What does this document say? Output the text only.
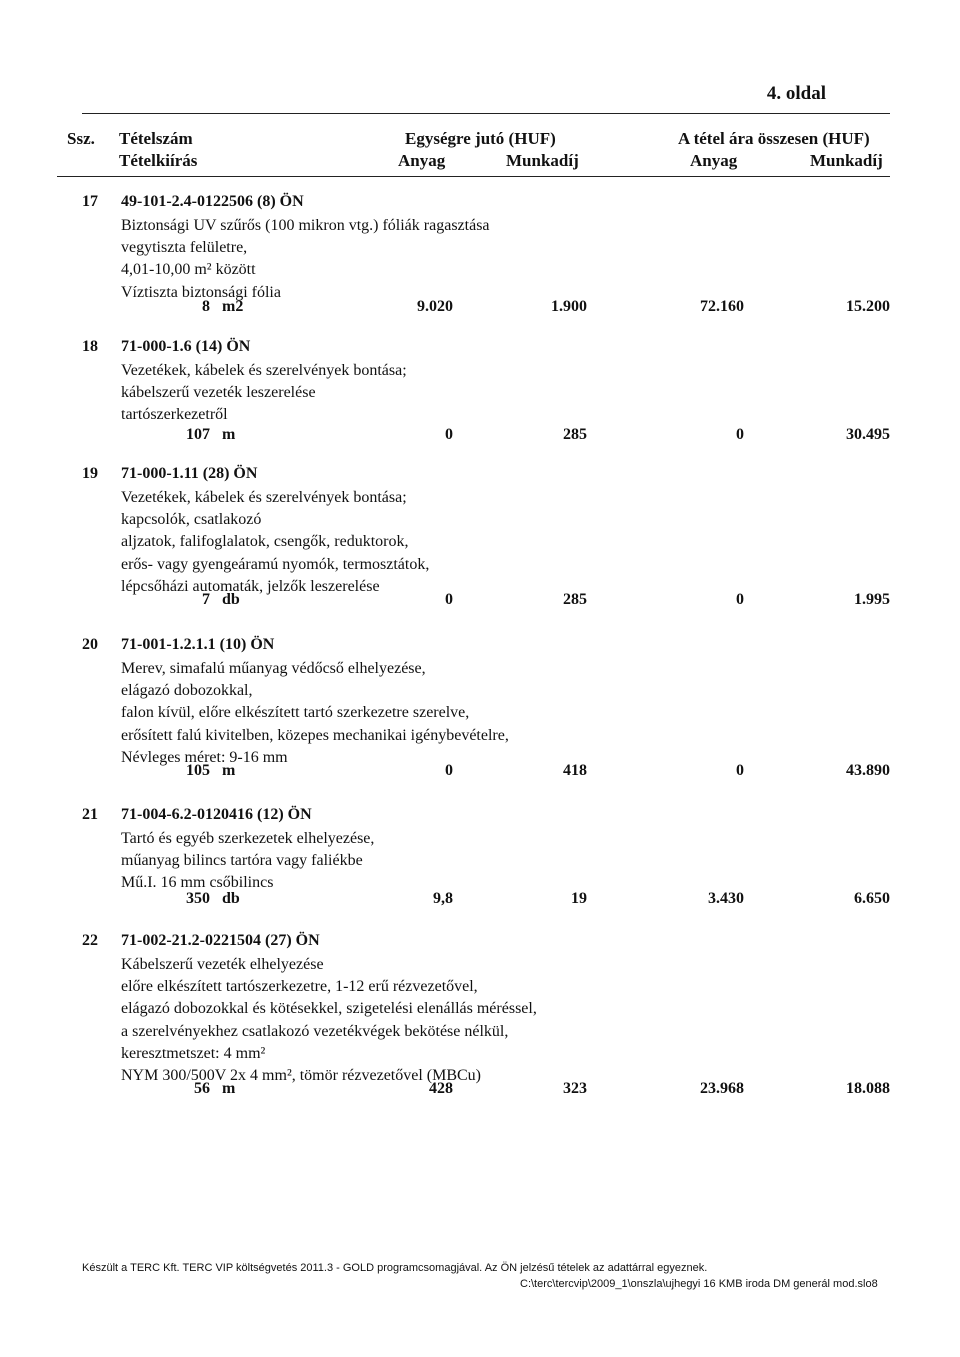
4. oldal
Ssz. Tételszám
Tételkiírás
Egységre jutó (HUF)
Anyag	Munkadíj
A tétel ára összesen (HUF)
Anyag	Munkadíj
17 49-101-2.4-0122506 (8) ÖN
Biztonsági UV szűrős (100 mikron vtg.) fóliák ragasztása
vegytiszta felületre,
4,01-10,00 m² között
Víztiszta biztonsági fólia
8 m2	9.020	1.900	72.160	15.200
18 71-000-1.6 (14) ÖN
Vezetékek, kábelek és szerelvények bontása;
kábelszerű vezeték leszerelése
tartószerkezetről
107 m	0	285	0	30.495
19 71-000-1.11 (28) ÖN
Vezetékek, kábelek és szerelvények bontása;
kapcsolók, csatlakozó
aljzatok, falifoglalatok, csengők, reduktorok,
erős- vagy gyengeáramú nyomók, termosztátok,
lépcsőházi automaták, jelzők leszerelése
7 db	0	285	0	1.995
20 71-001-1.2.1.1 (10) ÖN
Merev, simafalú műanyag védőcső elhelyezése,
elágazó dobozokkal,
falon kívül, előre elkészített tartó szerkezetre szerelve,
erősített falú kivitelben, közepes mechanikai igénybevételre,
Névleges méret: 9-16 mm
105 m	0	418	0	43.890
21 71-004-6.2-0120416 (12) ÖN
Tartó és egyéb szerkezetek elhelyezése,
műanyag bilincs tartóra vagy faliékbe
Mű.I. 16 mm csőbilincs
350 db	9,8	19	3.430	6.650
22 71-002-21.2-0221504 (27) ÖN
Kábelszerű vezeték elhelyezése
előre elkészített tartószerkezetre, 1-12 erű rézvezetővel,
elágazó dobozokkal és kötésekkel, szigetelési elenállás méréssel,
a szerelvényekhez csatlakozó vezetékvégek bekötése nélkül,
keresztmetszet: 4 mm²
NYM 300/500V 2x 4 mm², tömör rézvezetővel (MBCu)
56 m	428	323	23.968	18.088
Készült a TERC Kft. TERC VIP költségvetés 2011.3 - GOLD programcsomagjával. Az ÖN jelzésű tételek az adattárral egyeznek.
C:\terc\tercvip\2009_1\onszla\ujhegyi 16 KMB iroda DM generál mod.slo8
